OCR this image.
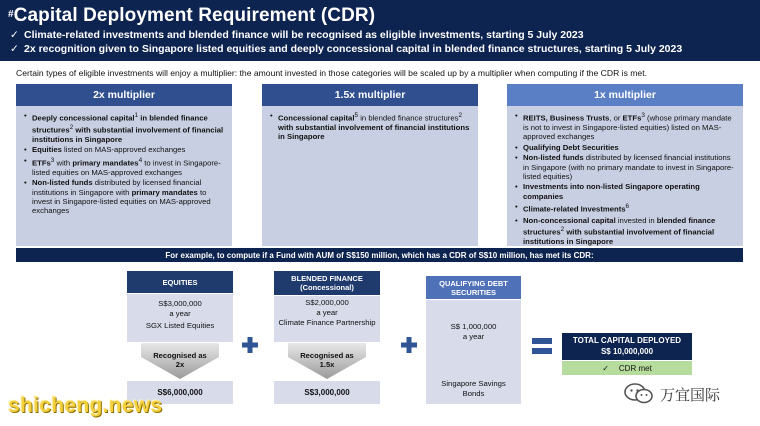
#Capital Deployment Requirement (CDR)
✓ Climate-related investments and blended finance will be recognised as eligible investments, starting 5 July 2023
✓ 2x recognition given to Singapore listed equities and deeply concessional capital in blended finance structures, starting 5 July 2023
Certain types of eligible investments will enjoy a multiplier: the amount invested in those categories will be scaled up by a multiplier when computing if the CDR is met.
2x multiplier
• Deeply concessional capital$^1$ in blended finance structures$^2$ with substantial involvement of financial institutions in Singapore
• Equities listed on MAS-approved exchanges
• ETFs$^3$ with primary mandates$^4$ to invest in Singapore-listed equities on MAS-approved exchanges
• Non-listed funds distributed by licensed financial institutions in Singapore with primary mandates to invest in Singapore-listed equities on MAS-approved exchanges
1.5x multiplier
• Concessional capital$^5$ in blended finance structures$^2$ with substantial involvement of financial institutions in Singapore
1x multiplier
• REITS, Business Trusts, or ETFs$^3$ (whose primary mandate is not to invest in Singapore-listed equities) listed on MAS-approved exchanges
• Qualifying Debt Securities
• Non-listed funds distributed by licensed financial institutions in Singapore (with no primary mandate to invest in Singapore-listed equities)
• Investments into non-listed Singapore operating companies
• Climate-related Investments$^6$
• Non-concessional capital invested in blended finance structures$^2$ with substantial involvement of financial institutions in Singapore
For example, to compute if a Fund with AUM of S$150 million, which has a CDR of S$10 million, has met its CDR:
EQUITIES
S$3,000,000
a year
SGX Listed Equities
Recognised as
2x
S$6,000,000
BLENDED FINANCE
(Concessional)
S$2,000,000
a year
Climate Finance Partnership
Recognised as
1.5x
S$3,000,000
QUALIFYING DEBT SECURITIES
S$ 1,000,000
a year
Singapore Savings Bonds
TOTAL CAPITAL DEPLOYED
S$ 10,000,000
✓ CDR met
shicheng.news	万宜国际
